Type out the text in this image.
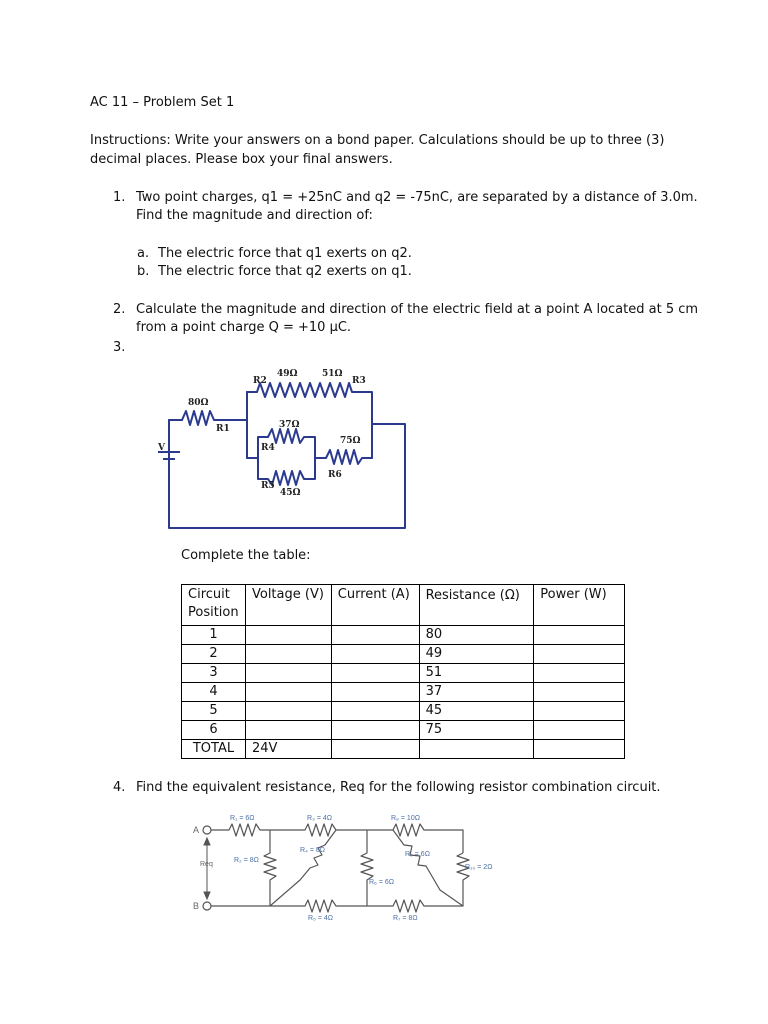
AC 11 – Problem Set 1
Instructions: Write your answers on a bond paper. Calculations should be up to three (3)
decimal places. Please box your final answers.
1. Two point charges, q1 = +25nC and q2 = -75nC, are separated by a distance of 3.0m.
Find the magnitude and direction of:
a. The electric force that q1 exerts on q2.
b. The electric force that q2 exerts on q1.
2. Calculate the magnitude and direction of the electric field at a point A located at 5 cm
from a point charge Q = +10 μC.
3.
80Ω
R1
49Ω
R2
51Ω
R3
37Ω
R4
R5
45Ω
75Ω
R6
V
Complete the table:
Circuit
Position	Voltage (V)	Current (A)	Resistance (Ω)	Power (W)
1			80	
2			49	
3			51	
4			37	
5			45	
6			75	
TOTAL	24V			
4. Find the equivalent resistance, Req for the following resistor combination circuit.
A
B
Req
R₁ = 6Ω	R₃ = 4Ω	R₈ = 10Ω
R₂ = 8Ω
R₄ = 8Ω
R₆ = 6Ω
R₉ = 6Ω
R₁₀ = 2Ω
R₅ = 4Ω	R₇ = 8Ω
